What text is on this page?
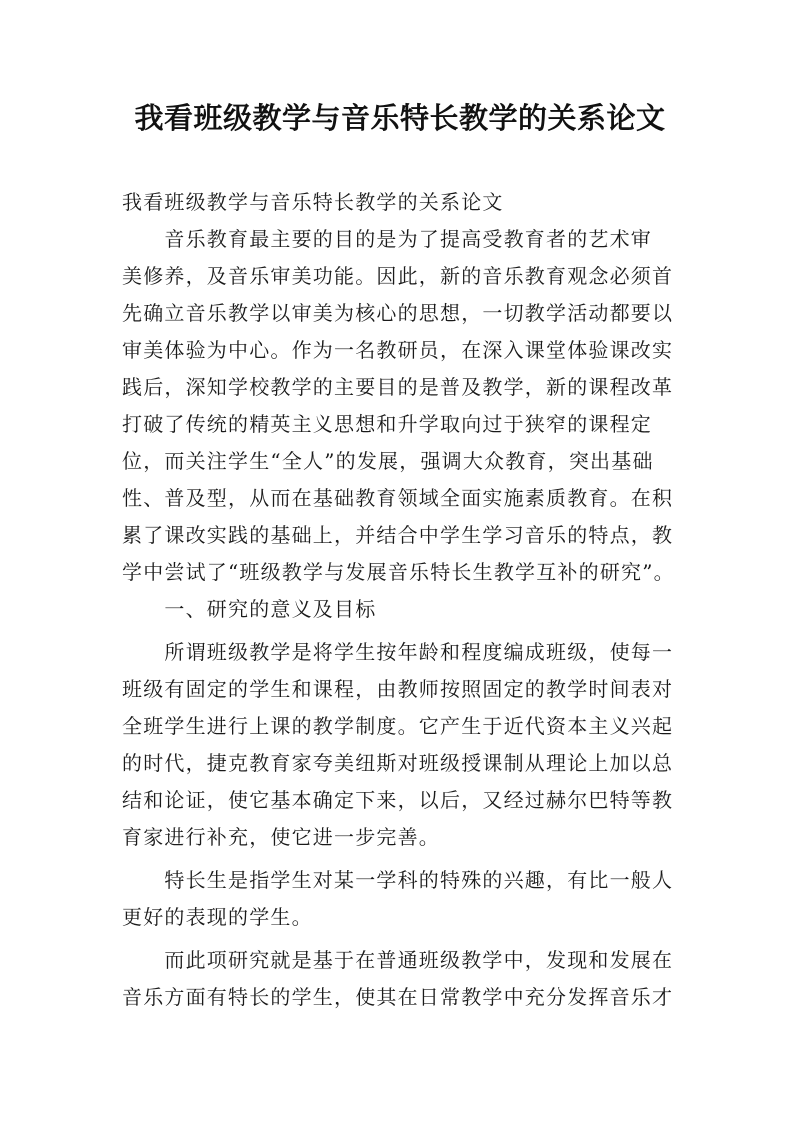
我看班级教学与音乐特长教学的关系论文
我看班级教学与音乐特长教学的关系论文
　　音乐教育最主要的目的是为了提高受教育者的艺术审
美修养，及音乐审美功能。因此，新的音乐教育观念必须首
先确立音乐教学以审美为核心的思想，一切教学活动都要以
审美体验为中心。作为一名教研员，在深入课堂体验课改实
践后，深知学校教学的主要目的是普及教学，新的课程改革
打破了传统的精英主义思想和升学取向过于狭窄的课程定
位，而关注学生“全人”的发展，强调大众教育，突出基础
性、普及型，从而在基础教育领域全面实施素质教育。在积
累了课改实践的基础上，并结合中学生学习音乐的特点，教
学中尝试了“班级教学与发展音乐特长生教学互补的研究”。
　　一、研究的意义及目标
　　所谓班级教学是将学生按年龄和程度编成班级，使每一
班级有固定的学生和课程，由教师按照固定的教学时间表对
全班学生进行上课的教学制度。它产生于近代资本主义兴起
的时代，捷克教育家夸美纽斯对班级授课制从理论上加以总
结和论证，使它基本确定下来，以后，又经过赫尔巴特等教
育家进行补充，使它进一步完善。
　　特长生是指学生对某一学科的特殊的兴趣，有比一般人
更好的表现的学生。
　　而此项研究就是基于在普通班级教学中，发现和发展在
音乐方面有特长的学生，使其在日常教学中充分发挥音乐才
